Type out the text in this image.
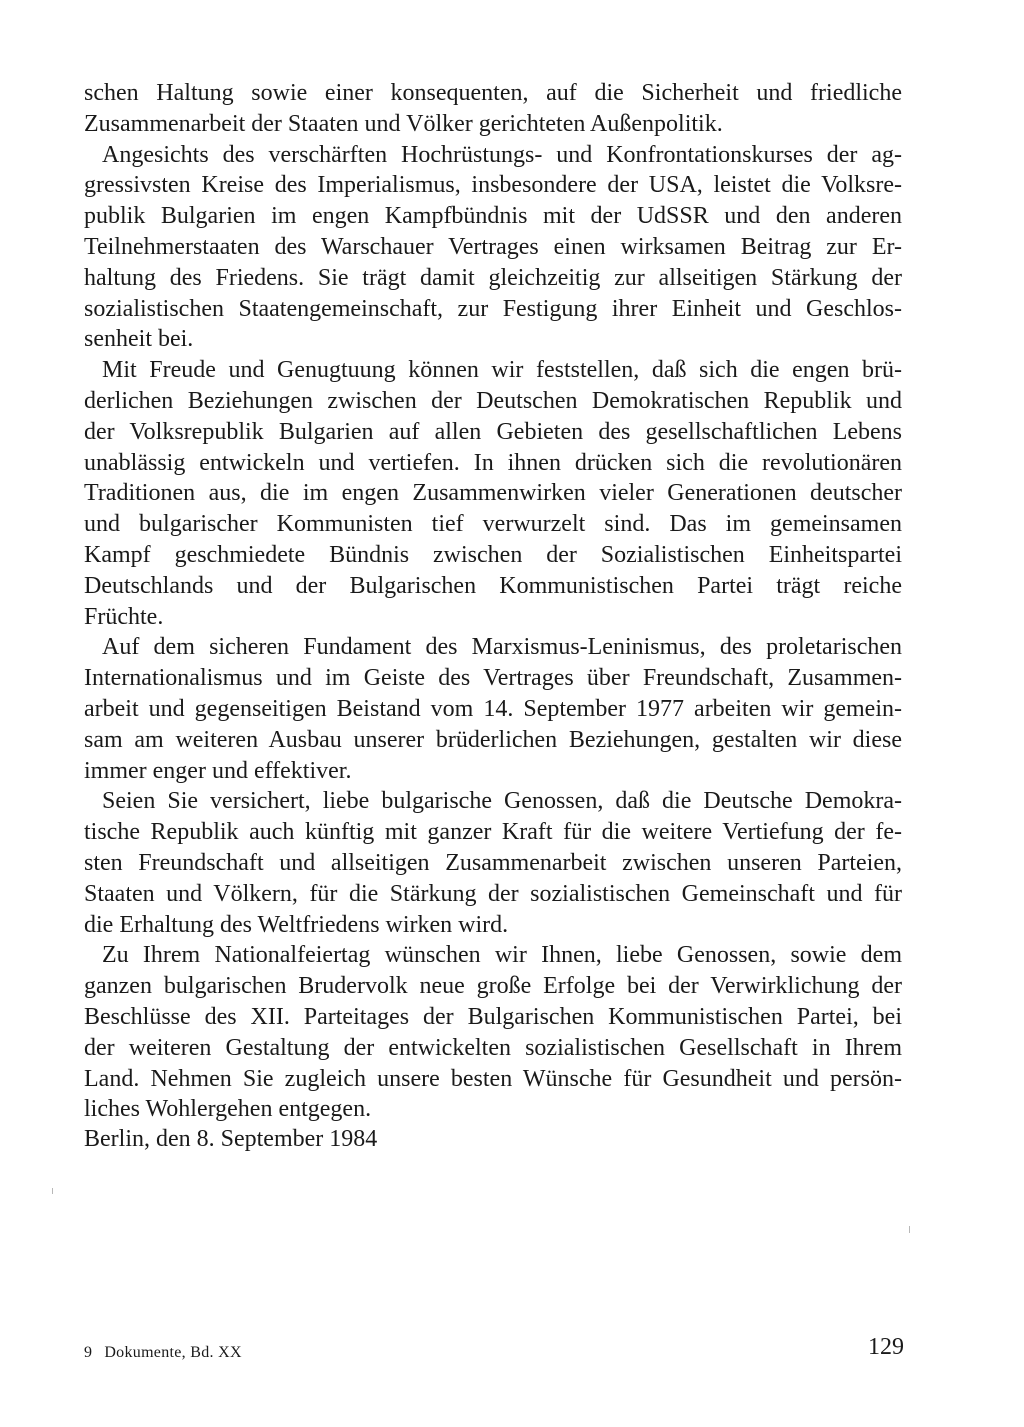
schen Haltung sowie einer konsequenten, auf die Sicherheit und friedliche
Zusammenarbeit der Staaten und Völker gerichteten Außenpolitik.
Angesichts des verschärften Hochrüstungs- und Konfrontationskurses der ag-
gressivsten Kreise des Imperialismus, insbesondere der USA, leistet die Volksre-
publik Bulgarien im engen Kampfbündnis mit der UdSSR und den anderen
Teilnehmerstaaten des Warschauer Vertrages einen wirksamen Beitrag zur Er-
haltung des Friedens. Sie trägt damit gleichzeitig zur allseitigen Stärkung der
sozialistischen Staatengemeinschaft, zur Festigung ihrer Einheit und Geschlos-
senheit bei.
Mit Freude und Genugtuung können wir feststellen, daß sich die engen brü-
derlichen Beziehungen zwischen der Deutschen Demokratischen Republik und
der Volksrepublik Bulgarien auf allen Gebieten des gesellschaftlichen Lebens
unablässig entwickeln und vertiefen. In ihnen drücken sich die revolutionären
Traditionen aus, die im engen Zusammenwirken vieler Generationen deutscher
und bulgarischer Kommunisten tief verwurzelt sind. Das im gemeinsamen
Kampf geschmiedete Bündnis zwischen der Sozialistischen Einheitspartei
Deutschlands und der Bulgarischen Kommunistischen Partei trägt reiche
Früchte.
Auf dem sicheren Fundament des Marxismus-Leninismus, des proletarischen
Internationalismus und im Geiste des Vertrages über Freundschaft, Zusammen-
arbeit und gegenseitigen Beistand vom 14. September 1977 arbeiten wir gemein-
sam am weiteren Ausbau unserer brüderlichen Beziehungen, gestalten wir diese
immer enger und effektiver.
Seien Sie versichert, liebe bulgarische Genossen, daß die Deutsche Demokra-
tische Republik auch künftig mit ganzer Kraft für die weitere Vertiefung der fe-
sten Freundschaft und allseitigen Zusammenarbeit zwischen unseren Parteien,
Staaten und Völkern, für die Stärkung der sozialistischen Gemeinschaft und für
die Erhaltung des Weltfriedens wirken wird.
Zu Ihrem Nationalfeiertag wünschen wir Ihnen, liebe Genossen, sowie dem
ganzen bulgarischen Brudervolk neue große Erfolge bei der Verwirklichung der
Beschlüsse des XII. Parteitages der Bulgarischen Kommunistischen Partei, bei
der weiteren Gestaltung der entwickelten sozialistischen Gesellschaft in Ihrem
Land. Nehmen Sie zugleich unsere besten Wünsche für Gesundheit und persön-
liches Wohlergehen entgegen.
Berlin, den 8. September 1984
9 Dokumente, Bd. XX	129
